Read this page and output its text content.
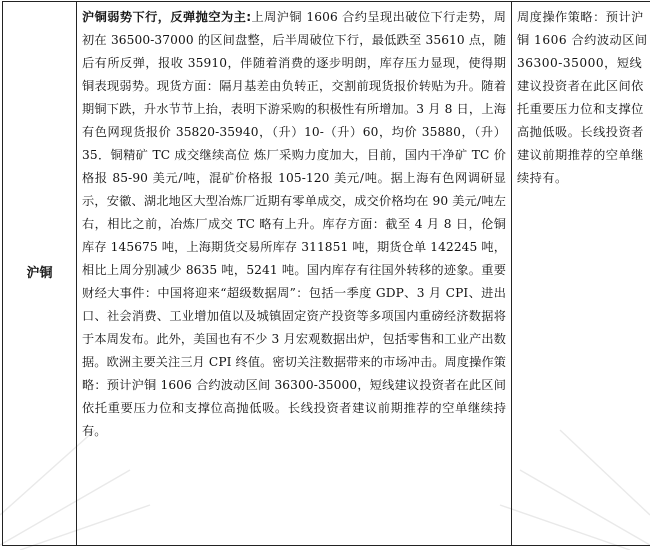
沪铜	沪铜弱势下行，反弹抛空为主:上周沪铜 1606 合约呈现出破位下行走势，周初在 36500-37000 的区间盘整，后半周破位下行，最低跌至 35610 点，随后有所反弹，报收 35910，伴随着消费的逐步明朗，库存压力显现，使得期铜表现弱势。现货方面：隔月基差由负转正，交割前现货报价转贴为升。随着期铜下跌，升水节节上抬，表明下游采购的积极性有所增加。3 月 8 日，上海有色网现货报价 35820-35940，（升）10-（升）60，均价 35880，（升）35．铜精矿 TC 成交继续高位 炼厂采购力度加大，目前，国内干净矿 TC 价格报 85-90 美元/吨，混矿价格报 105-120 美元/吨。据上海有色网调研显示，安徽、湖北地区大型冶炼厂近期有零单成交，成交价格均在 90 美元/吨左右，相比之前，冶炼厂成交 TC 略有上升。库存方面：截至 4 月 8 日，伦铜库存 145675 吨，上海期货交易所库存 311851 吨，期货仓单 142245 吨，相比上周分别减少 8635 吨，5241 吨。国内库存有往国外转移的迹象。重要财经大事件：中国将迎来“超级数据周”：包括一季度 GDP、3 月 CPI、进出口、社会消费、工业增加值以及城镇固定资产投资等多项国内重磅经济数据将于本周发布。此外，美国也有不少 3 月宏观数据出炉，包括零售和工业产出数据。欧洲主要关注三月 CPI 终值。密切关注数据带来的市场冲击。周度操作策略：预计沪铜 1606 合约波动区间 36300-35000，短线建议投资者在此区间依托重要压力位和支撑位高抛低吸。长线投资者建议前期推荐的空单继续持有。	周度操作策略：预计沪铜 1606 合约波动区间 36300-35000，短线建议投资者在此区间依托重要压力位和支撑位高抛低吸。长线投资者建议前期推荐的空单继续持有。
